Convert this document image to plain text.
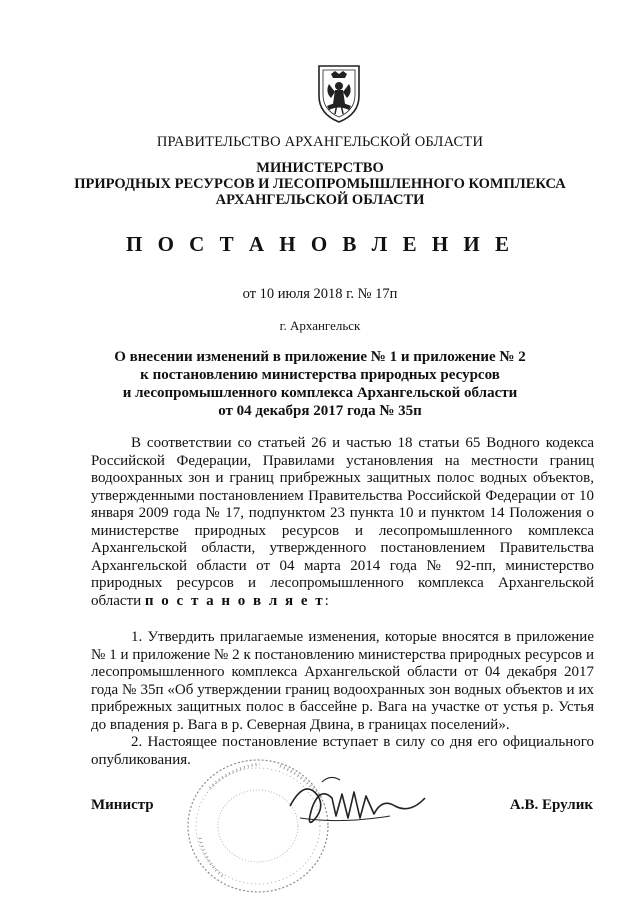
ПРАВИТЕЛЬСТВО АРХАНГЕЛЬСКОЙ ОБЛАСТИ
МИНИСТЕРСТВО
ПРИРОДНЫХ РЕСУРСОВ И ЛЕСОПРОМЫШЛЕННОГО КОМПЛЕКСА
АРХАНГЕЛЬСКОЙ ОБЛАСТИ
П О С Т А Н О В Л Е Н И Е
от 10 июля 2018 г. № 17п
г. Архангельск
О внесении изменений в приложение № 1 и приложение № 2
к постановлению министерства природных ресурсов
и лесопромышленного комплекса Архангельской области
от 04 декабря 2017 года № 35п

В соответствии со статьей 26 и частью 18 статьи 65 Водного кодекса Российской Федерации, Правилами установления на местности границ водоохранных зон и границ прибрежных защитных полос водных объектов, утвержденными постановлением Правительства Российской Федерации от 10 января 2009 года № 17, подпунктом 23 пункта 10 и пунктом 14 Положения о министерстве природных ресурсов и лесопромышленного комплекса Архангельской области, утвержденного постановлением Правительства Архангельской области от 04 марта 2014 года № 92-пп, министерство природных ресурсов и лесопромышленного комплекса Архангельской области п о с т а н о в л я е т:

1. Утвердить прилагаемые изменения, которые вносятся в приложение № 1 и приложение № 2 к постановлению министерства природных ресурсов и лесопромышленного комплекса Архангельской области от 04 декабря 2017 года № 35п «Об утверждении границ водоохранных зон водных объектов и их прибрежных защитных полос в бассейне р. Вага на участке от устья р. Устья до впадения р. Вага в р. Северная Двина, в границах поселений».

2. Настоящее постановление вступает в силу со дня его официального опубликования.

Министр	А.В. Ерулик
